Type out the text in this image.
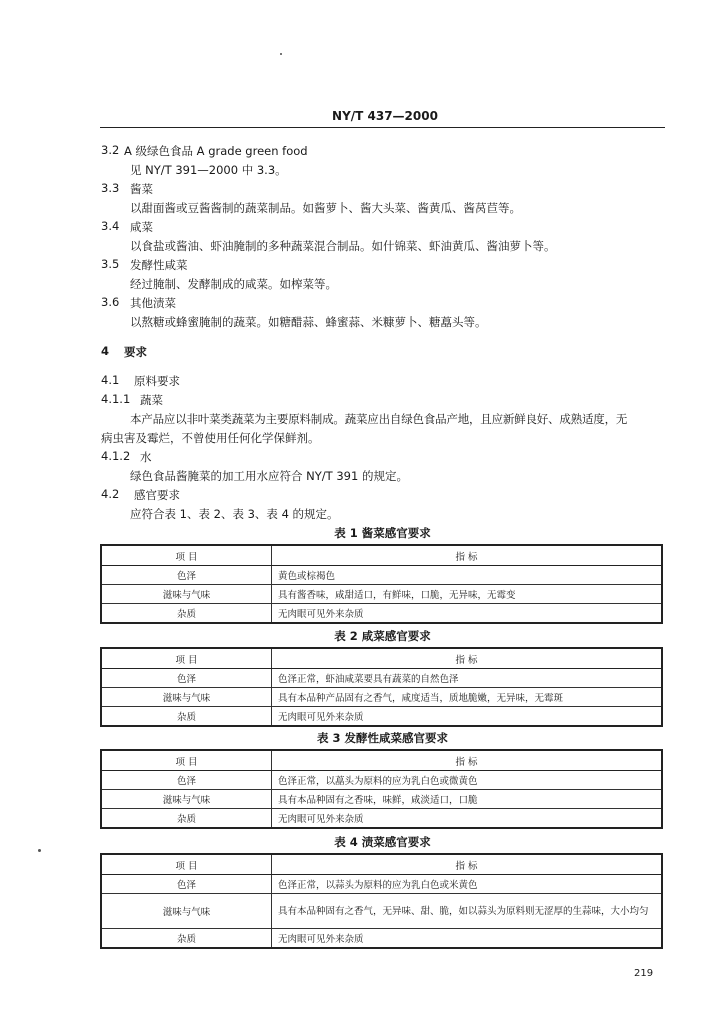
NY/T 437—2000
3.2 A 级绿色食品 A grade green food
见 NY/T 391—2000 中 3.3。
3.3 酱菜
以甜面酱或豆酱酱制的蔬菜制品。如酱萝卜、酱大头菜、酱黄瓜、酱莴苣等。
3.4 咸菜
以食盐或酱油、虾油腌制的多种蔬菜混合制品。如什锦菜、虾油黄瓜、酱油萝卜等。
3.5 发酵性咸菜
经过腌制、发酵制成的咸菜。如榨菜等。
3.6 其他渍菜
以熬糖或蜂蜜腌制的蔬菜。如糖醋蒜、蜂蜜蒜、米糠萝卜、糖藠头等。
4 要求
4.1 原料要求
4.1.1 蔬菜
本产品应以非叶菜类蔬菜为主要原料制成。蔬菜应出自绿色食品产地，且应新鲜良好、成熟适度，无
病虫害及霉烂，不曾使用任何化学保鲜剂。
4.1.2 水
绿色食品酱腌菜的加工用水应符合 NY/T 391 的规定。
4.2 感官要求
应符合表 1、表 2、表 3、表 4 的规定。
表 1 酱菜感官要求
项 目	指 标
色泽	黄色或棕褐色
滋味与气味	具有酱香味，咸甜适口，有鲜味，口脆，无异味，无霉变
杂质	无肉眼可见外来杂质
表 2 咸菜感官要求
项 目	指 标
色泽	色泽正常，虾油咸菜要具有蔬菜的自然色泽
滋味与气味	具有本品种产品固有之香气，咸度适当，质地脆嫩，无异味，无霉斑
杂质	无肉眼可见外来杂质
表 3 发酵性咸菜感官要求
项 目	指 标
色泽	色泽正常，以藠头为原料的应为乳白色或微黄色
滋味与气味	具有本品种固有之香味，味鲜，咸淡适口，口脆
杂质	无肉眼可见外来杂质
表 4 渍菜感官要求
项 目	指 标
色泽	色泽正常，以蒜头为原料的应为乳白色或米黄色
滋味与气味	具有本品种固有之香气，无异味、甜、脆，如以蒜头为原料则无涩厚的生蒜味，大小均匀
杂质	无肉眼可见外来杂质
219
